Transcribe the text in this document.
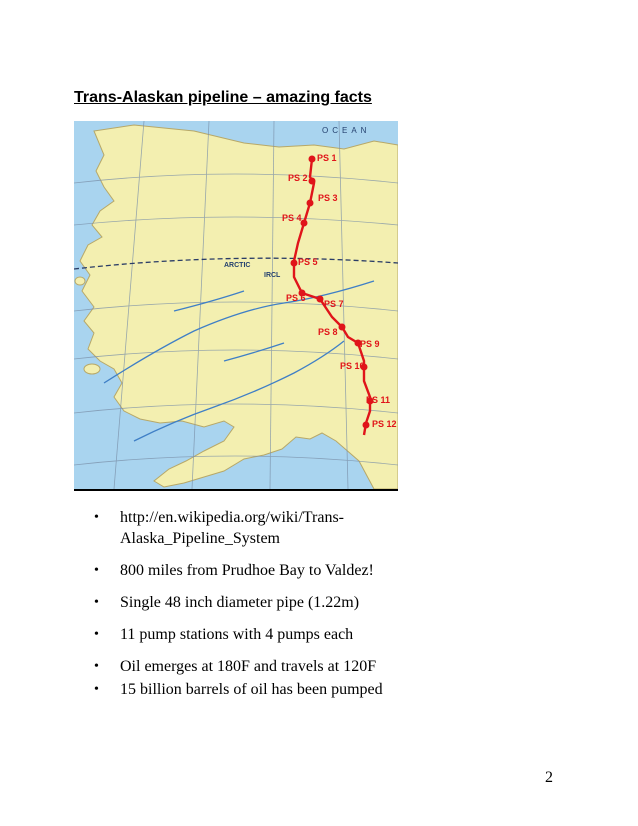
Trans-Alaskan pipeline – amazing facts
PS 1
PS 2
PS 3
PS 4
PS 5
PS 6
PS 7
PS 8
PS 9
PS 10
PS 11
PS 12
OCEAN
ARCTIC
IRCL
• http://en.wikipedia.org/wiki/Trans-
Alaska_Pipeline_System
• 800 miles from Prudhoe Bay to Valdez!
• Single 48 inch diameter pipe (1.22m)
• 11 pump stations with 4 pumps each
• Oil emerges at 180F and travels at 120F
• 15 billion barrels of oil has been pumped
2
